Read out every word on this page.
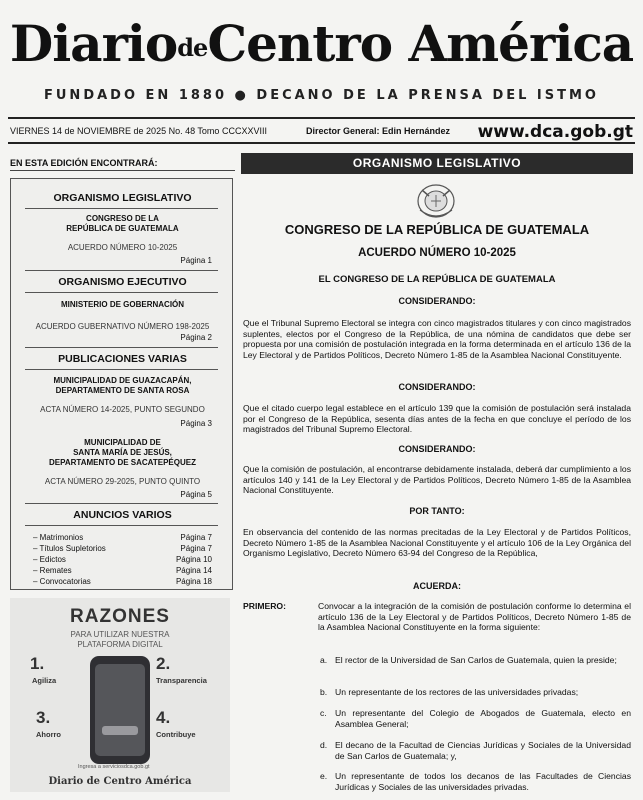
DiariodeCentro América
FUNDADO EN 1880 ● DECANO DE LA PRENSA DEL ISTMO
VIERNES 14 de NOVIEMBRE de 2025 No. 48 Tomo CCCXXVIII	Director General: Edin Hernández www.dca.gob.gt
EN ESTA EDICIÓN ENCONTRARÁ:
ORGANISMO LEGISLATIVO
CONGRESO DE LA
REPÚBLICA DE GUATEMALA
ACUERDO NÚMERO 10-2025
Página 1
ORGANISMO EJECUTIVO
MINISTERIO DE GOBERNACIÓN
ACUERDO GUBERNATIVO NÚMERO 198-2025
Página 2
PUBLICACIONES VARIAS
MUNICIPALIDAD DE GUAZACAPÁN,
DEPARTAMENTO DE SANTA ROSA
ACTA NÚMERO 14-2025, PUNTO SEGUNDO
Página 3
MUNICIPALIDAD DE
SANTA MARÍA DE JESÚS,
DEPARTAMENTO DE SACATEPÉQUEZ
ACTA NÚMERO 29-2025, PUNTO QUINTO
Página 5
ANUNCIOS VARIOS
– Matrimonios	Página 7
– Títulos Supletorios	Página 7
– Edictos	Página 10
– Remates	Página 14
– Convocatorias	Página 18
RAZONES
PARA UTILIZAR NUESTRA
PLATAFORMA DIGITAL
1.
Agiliza
2.
Transparencia
3.
Ahorro
4.
Contribuye
Ingresa a serviciosdca.gob.gt
Diario de Centro América
ORGANISMO LEGISLATIVO
CONGRESO DE LA REPÚBLICA DE GUATEMALA
ACUERDO NÚMERO 10-2025
EL CONGRESO DE LA REPÚBLICA DE GUATEMALA
CONSIDERANDO:
Que el Tribunal Supremo Electoral se integra con cinco magistrados titulares y con cinco magistrados suplentes, electos por el Congreso de la República, de una nómina de candidatos que debe ser propuesta por una comisión de postulación integrada en la forma determinada en el artículo 136 de la Ley Electoral y de Partidos Políticos, Decreto Número 1-85 de la Asamblea Nacional Constituyente.
CONSIDERANDO:
Que el citado cuerpo legal establece en el artículo 139 que la comisión de postulación será instalada por el Congreso de la República, sesenta días antes de la fecha en que concluye el período de los magistrados del Tribunal Supremo Electoral.
CONSIDERANDO:
Que la comisión de postulación, al encontrarse debidamente instalada, deberá dar cumplimiento a los artículos 140 y 141 de la Ley Electoral y de Partidos Políticos, Decreto Número 1-85 de la Asamblea Nacional Constituyente.
POR TANTO:
En observancia del contenido de las normas precitadas de la Ley Electoral y de Partidos Políticos, Decreto Número 1-85 de la Asamblea Nacional Constituyente y el artículo 106 de la Ley Orgánica del Organismo Legislativo, Decreto Número 63-94 del Congreso de la República,
ACUERDA:
PRIMERO:	Convocar a la integración de la comisión de postulación conforme lo determina el artículo 136 de la Ley Electoral y de Partidos Políticos, Decreto Número 1-85 de la Asamblea Nacional Constituyente en la forma siguiente:
a. El rector de la Universidad de San Carlos de Guatemala, quien la preside;
b. Un representante de los rectores de las universidades privadas;
c. Un representante del Colegio de Abogados de Guatemala, electo en Asamblea General;
d. El decano de la Facultad de Ciencias Jurídicas y Sociales de la Universidad de San Carlos de Guatemala; y,
e. Un representante de todos los decanos de las Facultades de Ciencias Jurídicas y Sociales de las universidades privadas.
